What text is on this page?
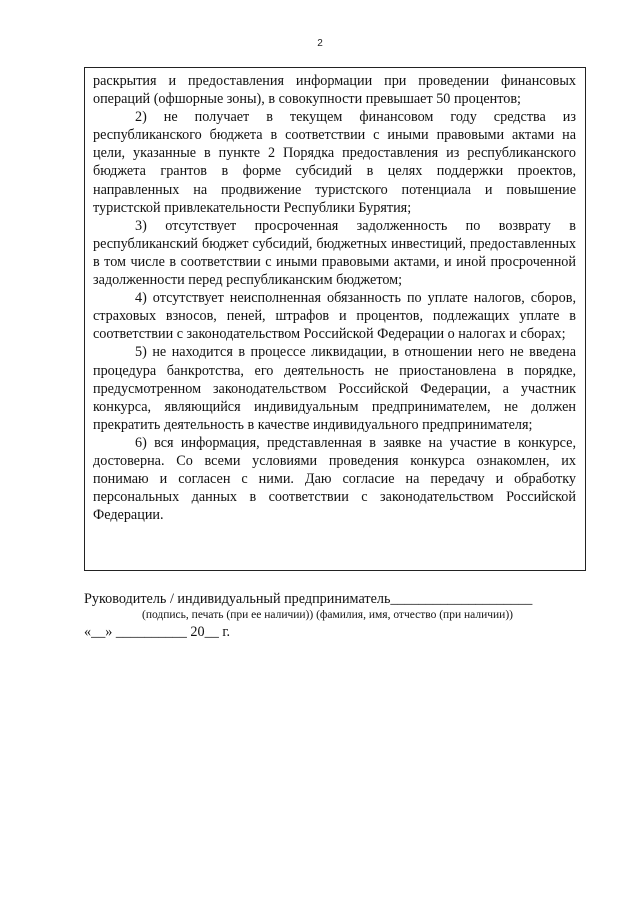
2

раскрытия и предоставления информации при проведении финансовых операций (офшорные зоны), в совокупности превышает 50 процентов;

2) не получает в текущем финансовом году средства из республиканского бюджета в соответствии с иными правовыми актами на цели, указанные в пункте 2 Порядка предоставления из республиканского бюджета грантов в форме субсидий в целях поддержки проектов, направленных на продвижение туристского потенциала и повышение туристской привлекательности Республики Бурятия;

3) отсутствует просроченная задолженность по возврату в республиканский бюджет субсидий, бюджетных инвестиций, предоставленных в том числе в соответствии с иными правовыми актами, и иной просроченной задолженности перед республиканским бюджетом;

4) отсутствует неисполненная обязанность по уплате налогов, сборов, страховых взносов, пеней, штрафов и процентов, подлежащих уплате в соответствии с законодательством Российской Федерации о налогах и сборах;

5) не находится в процессе ликвидации, в отношении него не введена процедура банкротства, его деятельность не приостановлена в порядке, предусмотренном законодательством Российской Федерации, а участник конкурса, являющийся индивидуальным предпринимателем, не должен прекратить деятельность в качестве индивидуального предпринимателя;

6) вся информация, представленная в заявке на участие в конкурсе, достоверна. Со всеми условиями проведения конкурса ознакомлен, их понимаю и согласен с ними. Даю согласие на передачу и обработку персональных данных в соответствии с законодательством Российской Федерации.

Руководитель / индивидуальный предприниматель____________________
(подпись, печать (при ее наличии)) (фамилия, имя, отчество (при наличии))
«__» __________ 20__ г.
